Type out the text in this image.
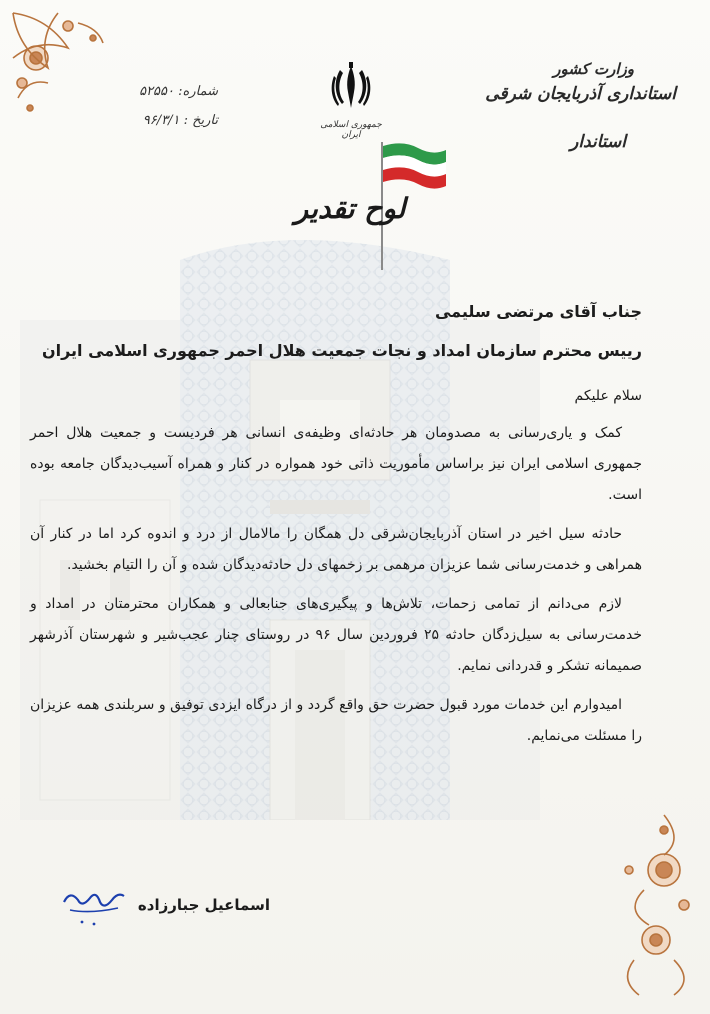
وزارت کشور
استانداری آذربایجان شرقی
استاندار
جمهوری اسلامی ایران
شماره: ۵۲۵۵۰
تاریخ : ۹۶/۳/۱
لوح تقدیر
جناب آقای مرتضی سلیمی
رییس محترم سازمان امداد و نجات جمعیت هلال احمر جمهوری اسلامی ایران
سلام علیکم

کمک و یاری‌رسانی به مصدومان هر حادثه‌ای وظیفه‌ی انسانی هر فردیست و جمعیت هلال احمر جمهوری اسلامی ایران نیز براساس مأموریت ذاتی خود همواره در کنار و همراه آسیب‌دیدگان جامعه بوده است.

حادثه سیل اخیر در استان آذربایجان‌شرقی دل همگان را مالامال از درد و اندوه کرد اما در کنار آن همراهی و خدمت‌رسانی شما عزیزان مرهمی بر زخمهای دل حادثه‌دیدگان شده و آن را التیام بخشید.

لازم می‌دانم از تمامی زحمات، تلاش‌ها و پیگیری‌های جنابعالی و همکاران محترمتان در امداد و خدمت‌رسانی به سیل‌زدگان حادثه ۲۵ فروردین سال ۹۶ در روستای چنار عجب‌شیر و شهرستان آذرشهر صمیمانه تشکر و قدردانی نمایم.

امیدوارم این خدمات مورد قبول حضرت حق واقع گردد و از درگاه ایزدی توفیق و سربلندی همه عزیزان را مسئلت می‌نمایم.

اسماعیل جبارزاده
